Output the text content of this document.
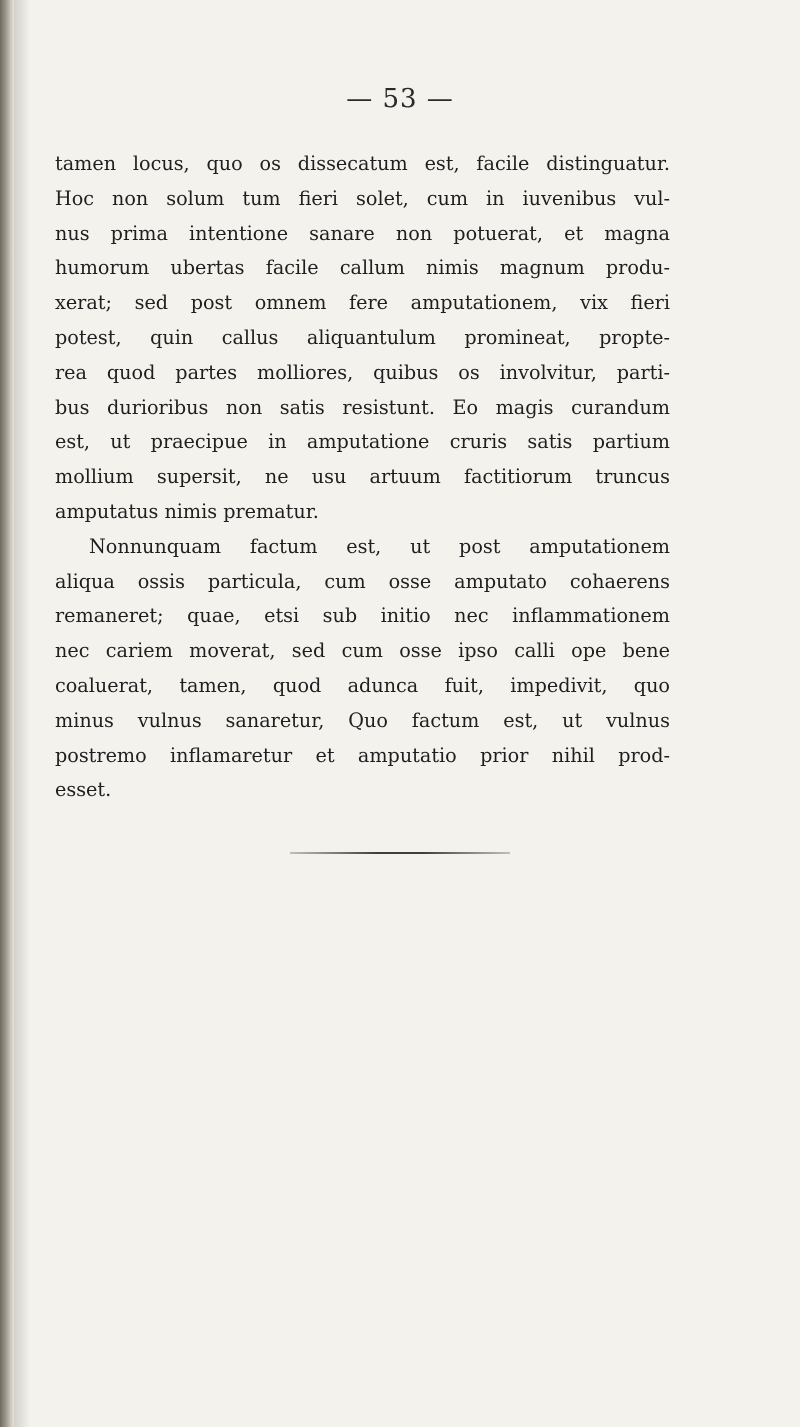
— 53 —

tamen locus, quo os dissecatum est, facile distinguatur.
Hoc non solum tum fieri solet, cum in iuvenibus vul-
nus prima intentione sanare non potuerat, et magna
humorum ubertas facile callum nimis magnum produ-
xerat; sed post omnem fere amputationem, vix fieri
potest, quin callus aliquantulum promineat, propte-
rea quod partes molliores, quibus os involvitur, parti-
bus durioribus non satis resistunt. Eo magis curandum
est, ut praecipue in amputatione cruris satis partium
mollium supersit, ne usu artuum factitiorum truncus
amputatus nimis prematur.
Nonnunquam factum est, ut post amputationem
aliqua ossis particula, cum osse amputato cohaerens
remaneret; quae, etsi sub initio nec inflammationem
nec cariem moverat, sed cum osse ipso calli ope bene
coaluerat, tamen, quod adunca fuit, impedivit, quo
minus vulnus sanaretur, Quo factum est, ut vulnus
postremo inflamaretur et amputatio prior nihil prod-
esset.
